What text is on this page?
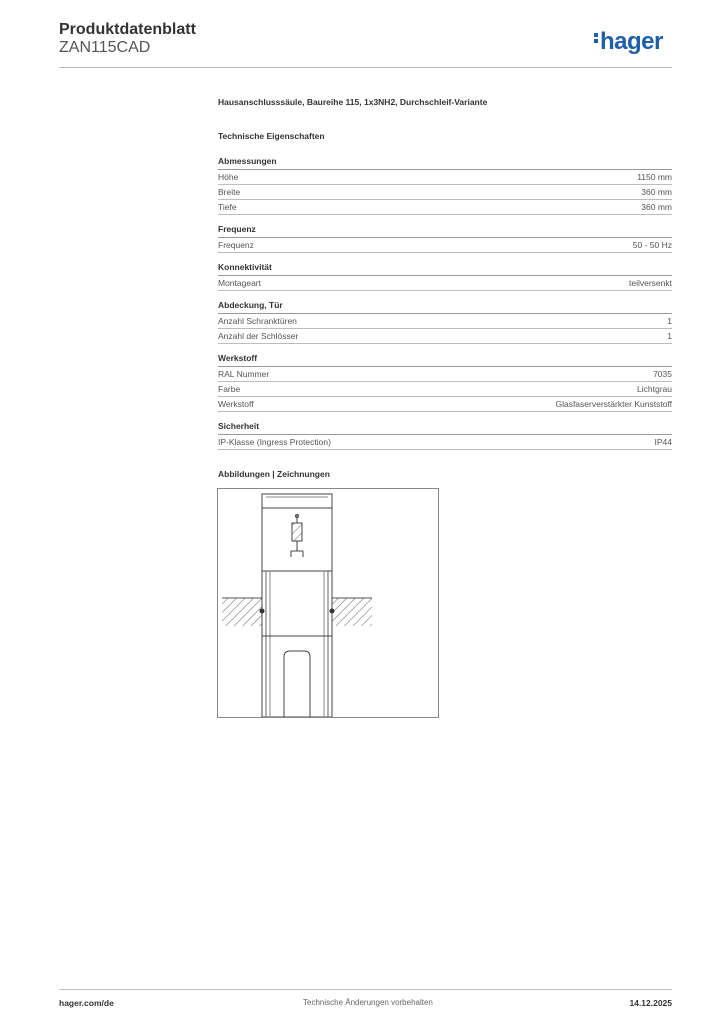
Produktdatenblatt
ZAN115CAD	hager
Hausanschlusssäule, Baureihe 115, 1x3NH2, Durchschleif-Variante
Technische Eigenschaften
Abmessungen
Höhe	1150 mm
Breite	360 mm
Tiefe	360 mm
Frequenz
Frequenz	50 - 50 Hz
Konnektivität
Montageart	teilversenkt
Abdeckung, Tür
Anzahl Schranktüren	1
Anzahl der Schlösser	1
Werkstoff
RAL Nummer	7035
Farbe	Lichtgrau
Werkstoff	Glasfaserverstärkter Kunststoff
Sicherheit
IP-Klasse (Ingress Protection)	IP44
Abbildungen | Zeichnungen
hager.com/de	Technische Änderungen vorbehalten	14.12.2025
